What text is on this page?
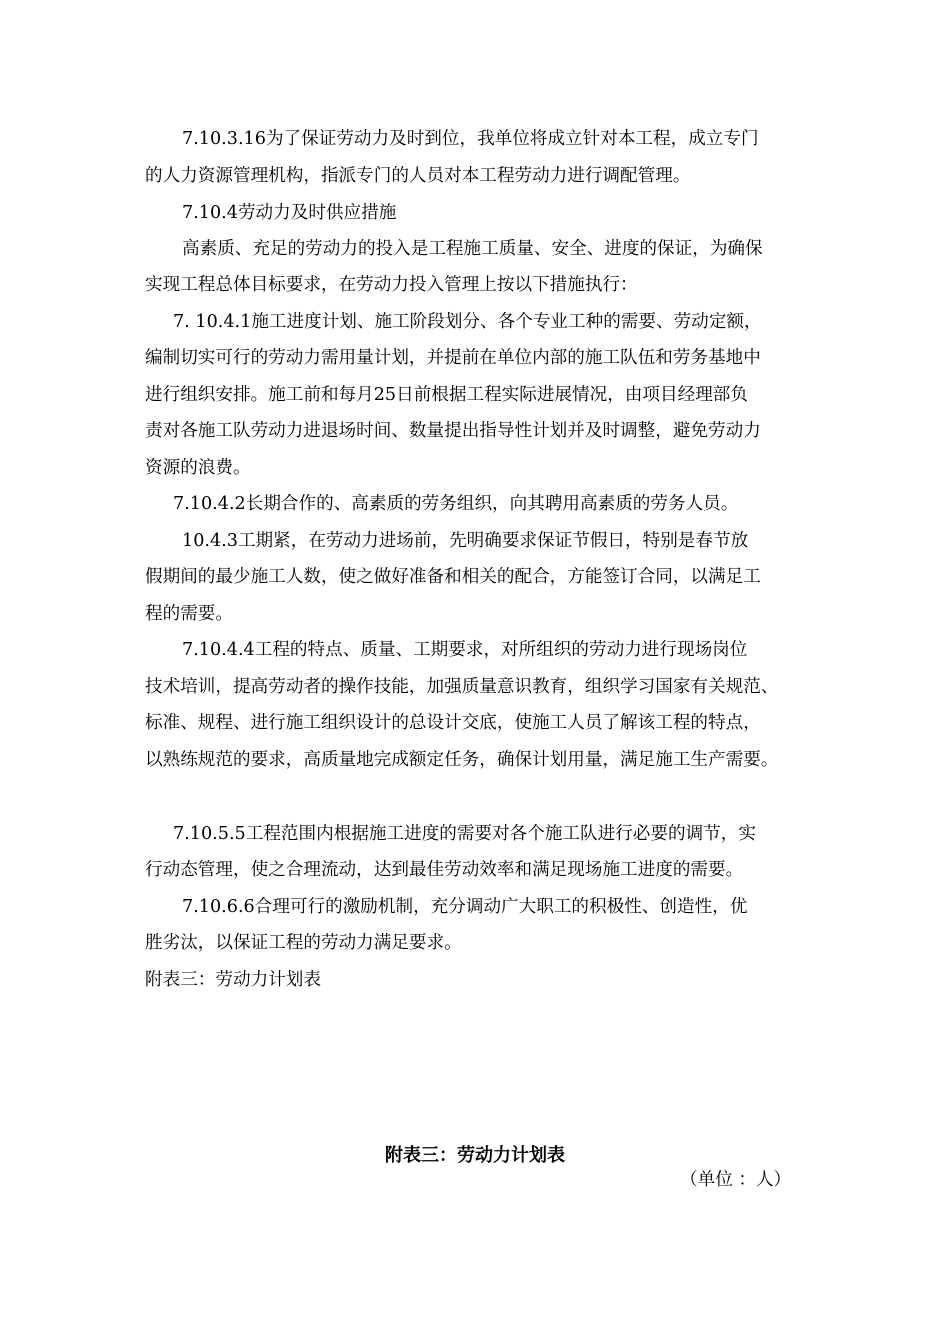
7.10.3.16为了保证劳动力及时到位，我单位将成立针对本工程，成立专门

的人力资源管理机构，指派专门的人员对本工程劳动力进行调配管理。

7.10.4劳动力及时供应措施

高素质、充足的劳动力的投入是工程施工质量、安全、进度的保证，为确保

实现工程总体目标要求，在劳动力投入管理上按以下措施执行：

7. 10.4.1施工进度计划、施工阶段划分、各个专业工种的需要、劳动定额，

编制切实可行的劳动力需用量计划，并提前在单位内部的施工队伍和劳务基地中

进行组织安排。施工前和每月25日前根据工程实际进展情况，由项目经理部负

责对各施工队劳动力进退场时间、数量提出指导性计划并及时调整，避免劳动力

资源的浪费。

7.10.4.2长期合作的、高素质的劳务组织，向其聘用高素质的劳务人员。

10.4.3工期紧，在劳动力进场前，先明确要求保证节假日，特别是春节放

假期间的最少施工人数，使之做好准备和相关的配合，方能签订合同，以满足工

程的需要。

7.10.4.4工程的特点、质量、工期要求，对所组织的劳动力进行现场岗位

技术培训，提高劳动者的操作技能，加强质量意识教育，组织学习国家有关规范、

标准、规程、进行施工组织设计的总设计交底，使施工人员了解该工程的特点，

以熟练规范的要求，高质量地完成额定任务，确保计划用量，满足施工生产需要。

7.10.5.5工程范围内根据施工进度的需要对各个施工队进行必要的调节，实

行动态管理，使之合理流动，达到最佳劳动效率和满足现场施工进度的需要。

7.10.6.6合理可行的激励机制，充分调动广大职工的积极性、创造性，优

胜劣汰，以保证工程的劳动力满足要求。

附表三：劳动力计划表

附表三：劳动力计划表

（单位 ：人）
